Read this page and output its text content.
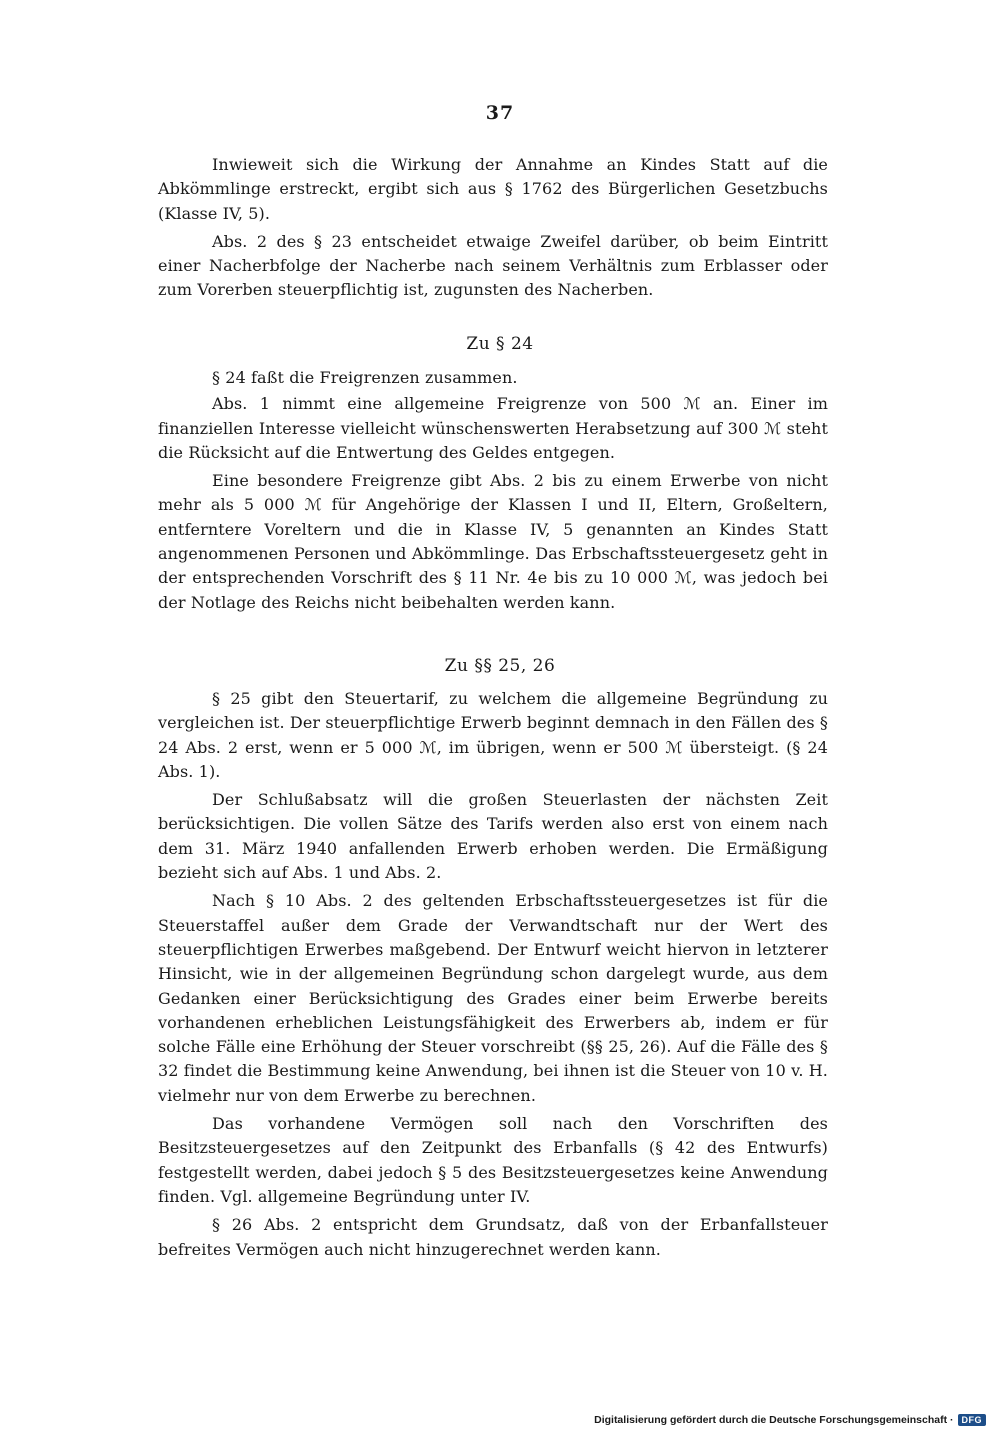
37

Inwieweit sich die Wirkung der Annahme an Kindes Statt auf die Abkömmlinge erstreckt, ergibt sich aus § 1762 des Bürgerlichen Gesetzbuchs (Klasse IV, 5).

Abs. 2 des § 23 entscheidet etwaige Zweifel darüber, ob beim Eintritt einer Nacherbfolge der Nacherbe nach seinem Verhältnis zum Erblasser oder zum Vorerben steuerpflichtig ist, zugunsten des Nacherben.

Zu § 24

§ 24 faßt die Freigrenzen zusammen.

Abs. 1 nimmt eine allgemeine Freigrenze von 500 ℳ an. Einer im finanziellen Interesse vielleicht wünschenswerten Herabsetzung auf 300 ℳ steht die Rücksicht auf die Entwertung des Geldes entgegen.

Eine besondere Freigrenze gibt Abs. 2 bis zu einem Erwerbe von nicht mehr als 5 000 ℳ für Angehörige der Klassen I und II, Eltern, Großeltern, entferntere Voreltern und die in Klasse IV, 5 genannten an Kindes Statt angenommenen Personen und Abkömmlinge. Das Erbschaftssteuergesetz geht in der entsprechenden Vorschrift des § 11 Nr. 4e bis zu 10 000 ℳ, was jedoch bei der Notlage des Reichs nicht beibehalten werden kann.

Zu §§ 25, 26

§ 25 gibt den Steuertarif, zu welchem die allgemeine Begründung zu vergleichen ist. Der steuerpflichtige Erwerb beginnt demnach in den Fällen des § 24 Abs. 2 erst, wenn er 5 000 ℳ, im übrigen, wenn er 500 ℳ übersteigt. (§ 24 Abs. 1).

Der Schlußabsatz will die großen Steuerlasten der nächsten Zeit berücksichtigen. Die vollen Sätze des Tarifs werden also erst von einem nach dem 31. März 1940 anfallenden Erwerb erhoben werden. Die Ermäßigung bezieht sich auf Abs. 1 und Abs. 2.

Nach § 10 Abs. 2 des geltenden Erbschaftssteuergesetzes ist für die Steuerstaffel außer dem Grade der Verwandtschaft nur der Wert des steuerpflichtigen Erwerbes maßgebend. Der Entwurf weicht hiervon in letzterer Hinsicht, wie in der allgemeinen Begründung schon dargelegt wurde, aus dem Gedanken einer Berücksichtigung des Grades einer beim Erwerbe bereits vorhandenen erheblichen Leistungsfähigkeit des Erwerbers ab, indem er für solche Fälle eine Erhöhung der Steuer vorschreibt (§§ 25, 26). Auf die Fälle des § 32 findet die Bestimmung keine Anwendung, bei ihnen ist die Steuer von 10 v. H. vielmehr nur von dem Erwerbe zu berechnen.

Das vorhandene Vermögen soll nach den Vorschriften des Besitzsteuergesetzes auf den Zeitpunkt des Erbanfalls (§ 42 des Entwurfs) festgestellt werden, dabei jedoch § 5 des Besitzsteuergesetzes keine Anwendung finden. Vgl. allgemeine Begründung unter IV.

§ 26 Abs. 2 entspricht dem Grundsatz, daß von der Erbanfallsteuer befreites Vermögen auch nicht hinzugerechnet werden kann.

Digitalisierung gefördert durch die Deutsche Forschungsgemeinschaft · DFG
